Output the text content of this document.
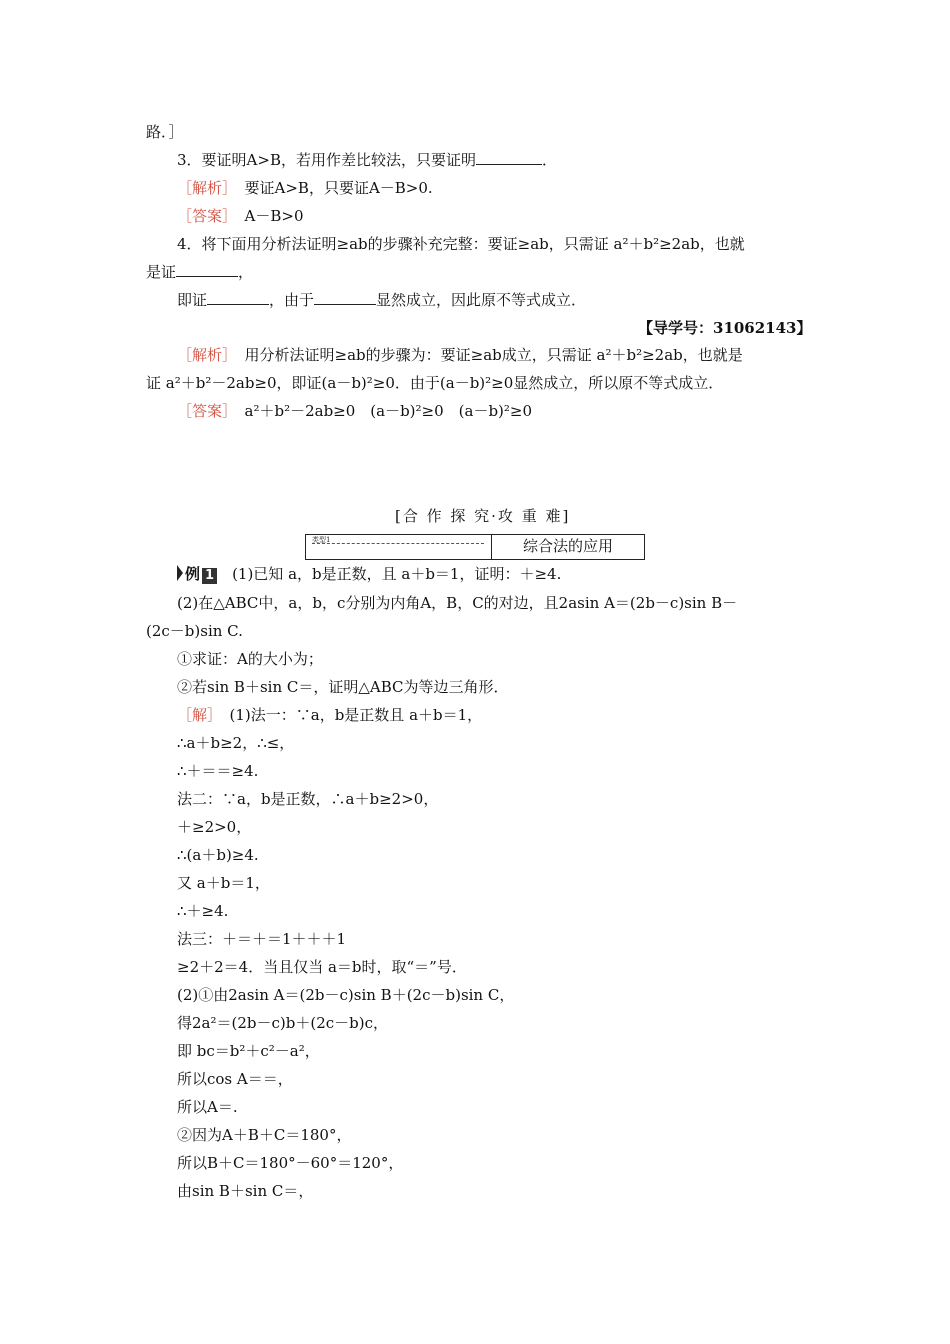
路．］
3．要证明A>B，若用作差比较法，只要证明	．
［解析］　要证A>B，只要证A－B>0.
［答案］　A－B>0
4．将下面用分析法证明≥ab的步骤补充完整：要证≥ab，只需证 a²＋b²≥2ab，也就
是证	，
即证	，由于	显然成立，因此原不等式成立．
【导学号：31062143】
［解析］　用分析法证明≥ab的步骤为：要证≥ab成立，只需证 a²＋b²≥2ab，也就是
证 a²＋b²－2ab≥0，即证(a－b)²≥0．由于(a－b)²≥0显然成立，所以原不等式成立．
［答案］　a²＋b²－2ab≥0　(a－b)²≥0　(a－b)²≥0
[合 作 探 究·攻 重 难]
类型1	综合法的应用
例 1　(1)已知 a，b是正数，且 a＋b＝1，证明：＋≥4.
(2)在△ABC中，a，b，c分别为内角A，B，C的对边，且2asin A＝(2b－c)sin B－
(2c－b)sin C.
①求证：A的大小为；
②若sin B＋sin C＝，证明△ABC为等边三角形．
［解］　(1)法一：∵a，b是正数且 a＋b＝1，
∴a＋b≥2，∴≤，
∴＋＝＝≥4.
法二：∵a，b是正数，∴a＋b≥2>0，
＋≥2>0，
∴(a＋b)≥4.
又 a＋b＝1，
∴＋≥4.
法三：＋＝＋＝1＋＋＋1
≥2＋2＝4．当且仅当 a＝b时，取“＝”号．
(2)①由2asin A＝(2b－c)sin B＋(2c－b)sin C，
得2a²＝(2b－c)b＋(2c－b)c，
即 bc＝b²＋c²－a²，
所以cos A＝＝，
所以A＝.
②因为A＋B＋C＝180°，
所以B＋C＝180°－60°＝120°，
由sin B＋sin C＝，
